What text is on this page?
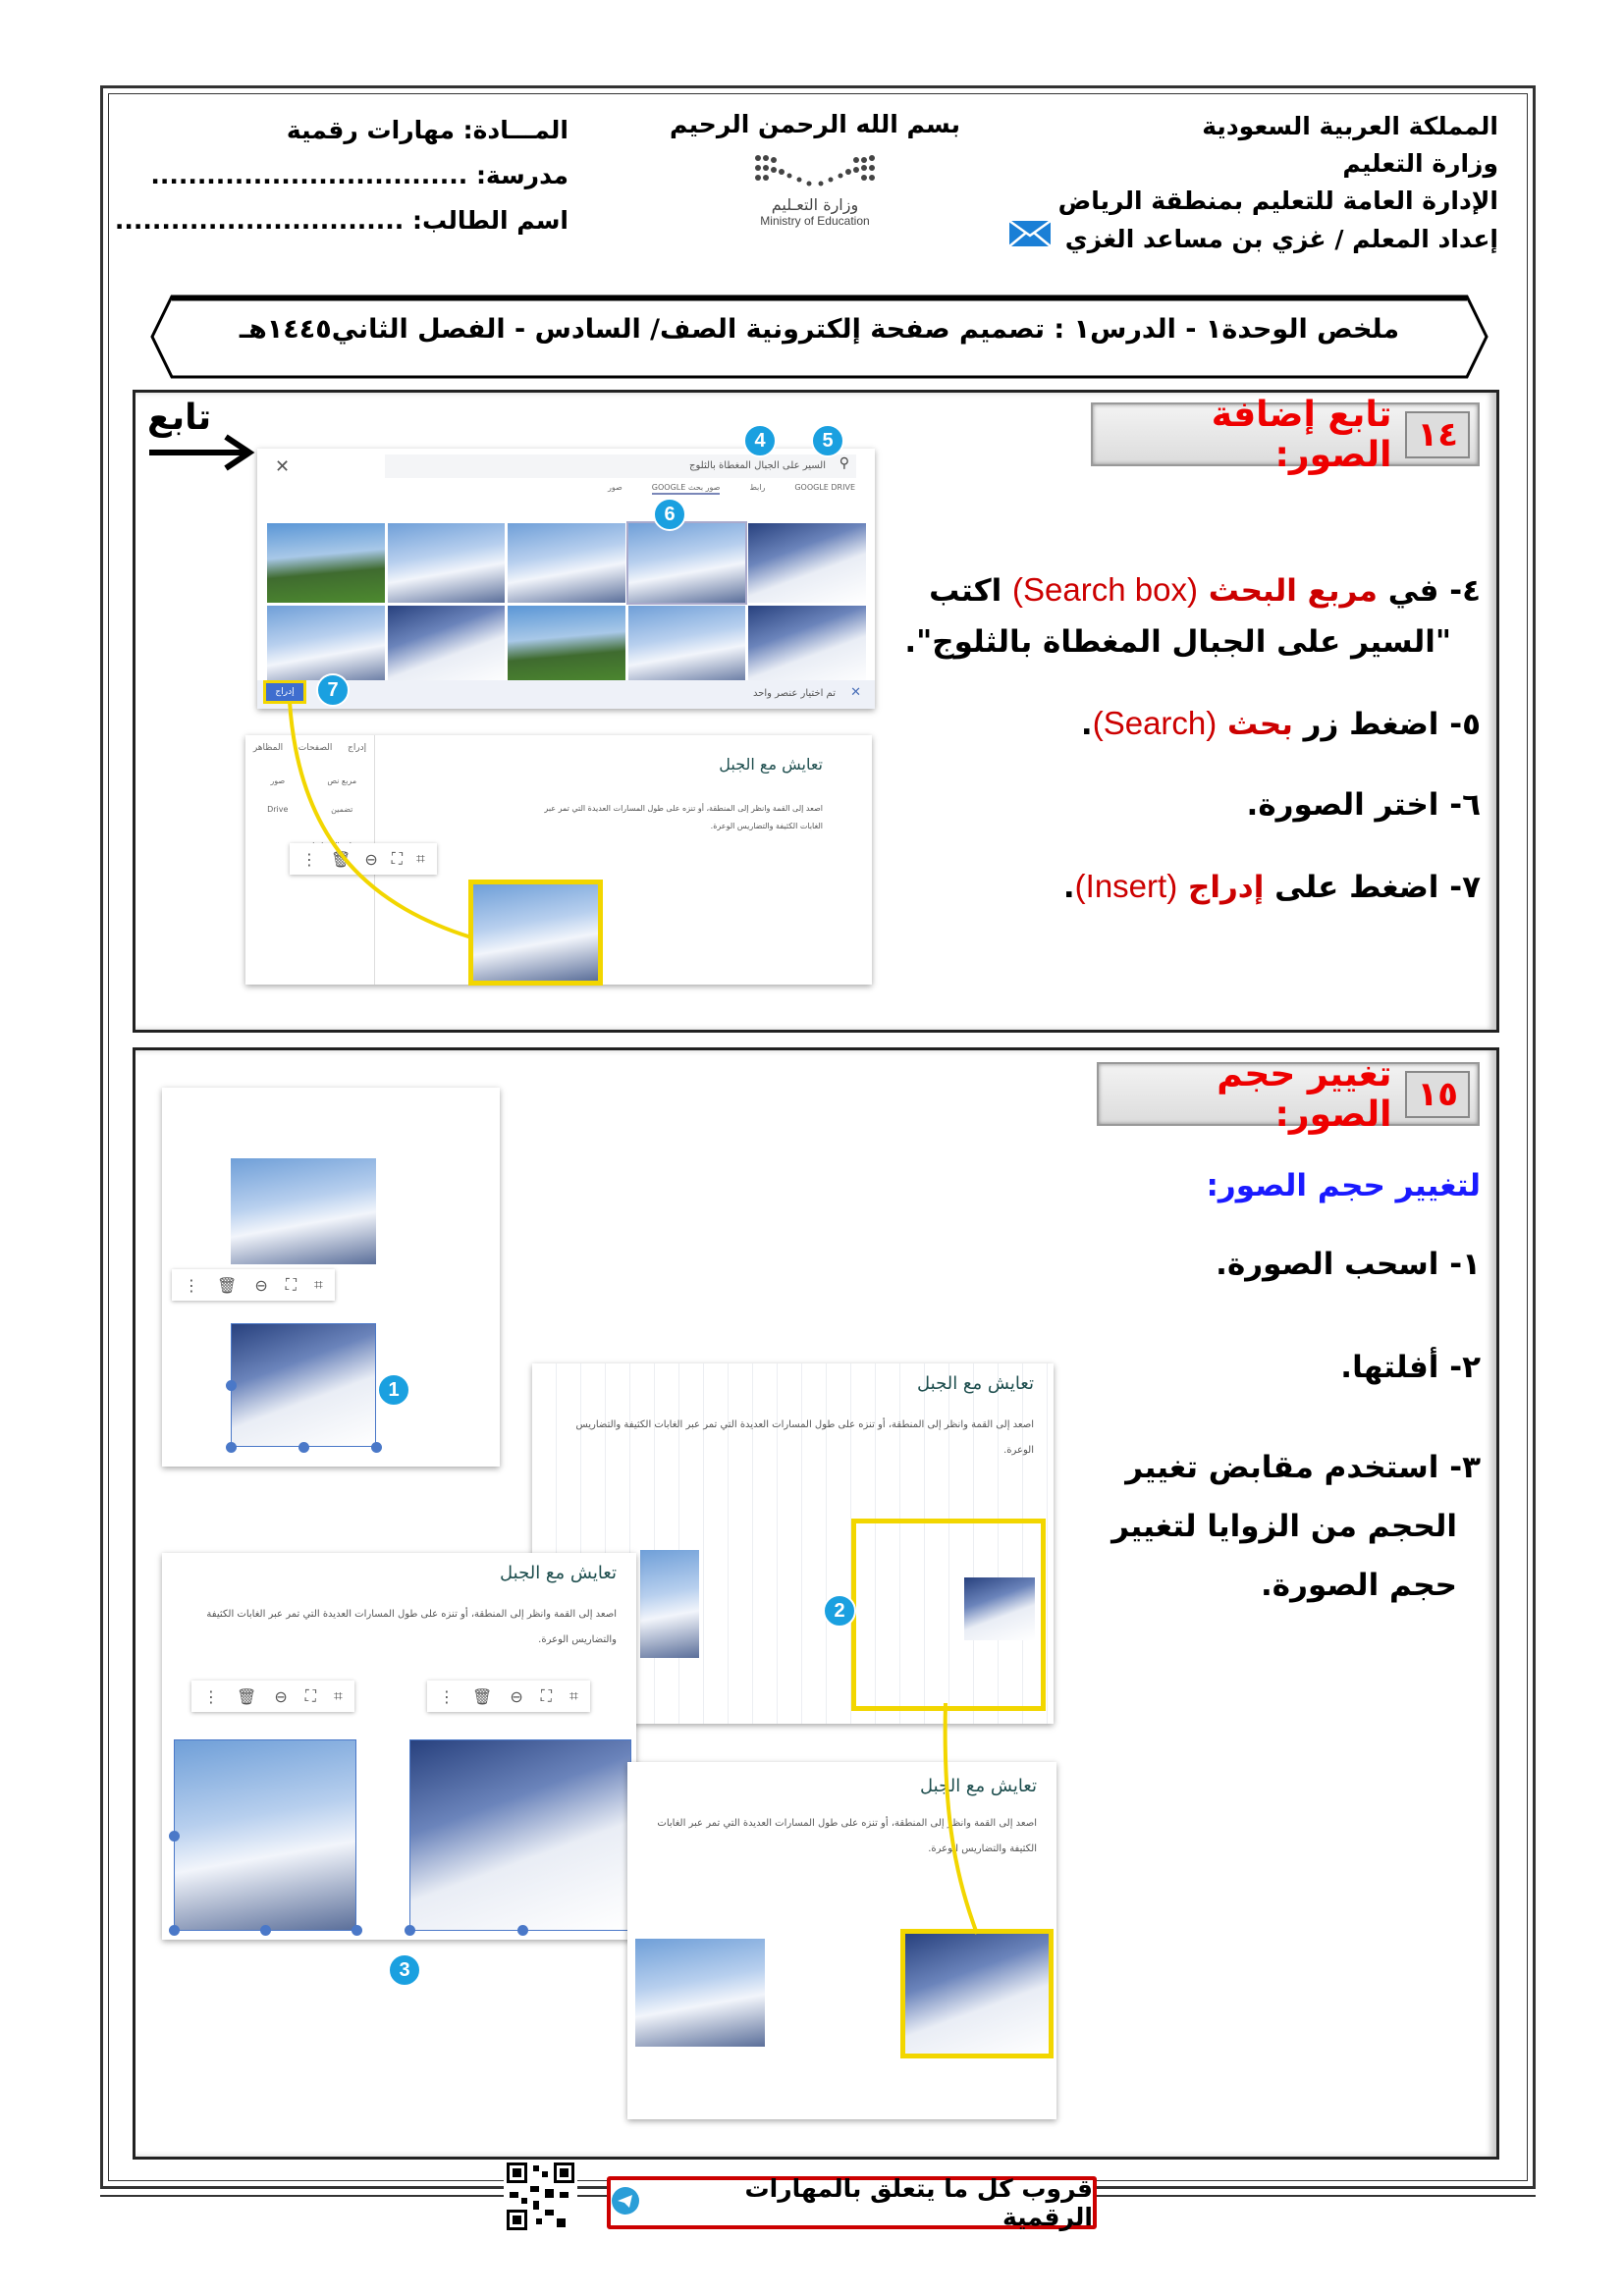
المملكة العربية السعودية
وزارة التعليم
الإدارة العامة للتعليم بمنطقة الرياض
إعداد المعلم / غزي بن مساعد الغزي
بسم الله الرحمن الرحيم
وزارة التعـليم
Ministry of Education
المـــادة: مهارات رقمية
مدرسة: ..................................
اسم الطالب: ...............................
ملخص الوحدة١ - الدرس١ : تصميم صفحة إلكترونية الصف/ السادس - الفصل الثاني١٤٤٥هـ
تابع إضافة الصور: ١٤
تابع
٤- في مربع البحث (Search box) اكتب
"السير على الجبال المغطاة بالثلوج".
٥- اضغط زر بحث (Search).
٦- اختر الصورة.
٧- اضغط على إدراج (Insert).
✕	السير على الجبال المغطاة بالثلوج ⚲
GOOGLE DRIVE
رابط
صور بحث GOOGLE
صور
إدراج	تم اختيار عنصر واحد ✕
4	5
6
7
إدراج
الصفحات
المظاهر
مربع نص
صور
تضمين
Drive
تعايش مع الجبل
اصعد إلى القمة وانظر إلى المنطقة، أو تنزه على طول المسارات العديدة التي تمر عبر الغابات الكثيفة والتضاريس الوعرة.
⋮ 🗑 ⊖ ⛶ ⌗
تغيير حجم الصور: ١٥
لتغيير حجم الصور:
١- اسحب الصورة.
٢- أفلتها.
٣- استخدم مقابض تغيير
الحجم من الزوايا لتغيير
حجم الصورة.
⋮ 🗑 ⊖ ⛶ ⌗
1	تعايش مع الجبل
اصعد إلى القمة وانظر إلى المنطقة، أو تنزه على طول المسارات العديدة التي تمر عبر الغابات الكثيفة والتضاريس الوعرة.
2
تعايش مع الجبل
اصعد إلى القمة وانظر إلى المنطقة، أو تنزه على طول المسارات العديدة التي تمر عبر الغابات الكثيفة والتضاريس الوعرة.
⋮ 🗑 ⊖ ⛶ ⌗	⋮ 🗑 ⊖ ⛶ ⌗
3
تعايش مع الجبل
اصعد إلى القمة وانظر إلى المنطقة، أو تنزه على طول المسارات العديدة التي تمر عبر الغابات الكثيفة والتضاريس الوعرة.
قروب كل ما يتعلق بالمهارات الرقمية
